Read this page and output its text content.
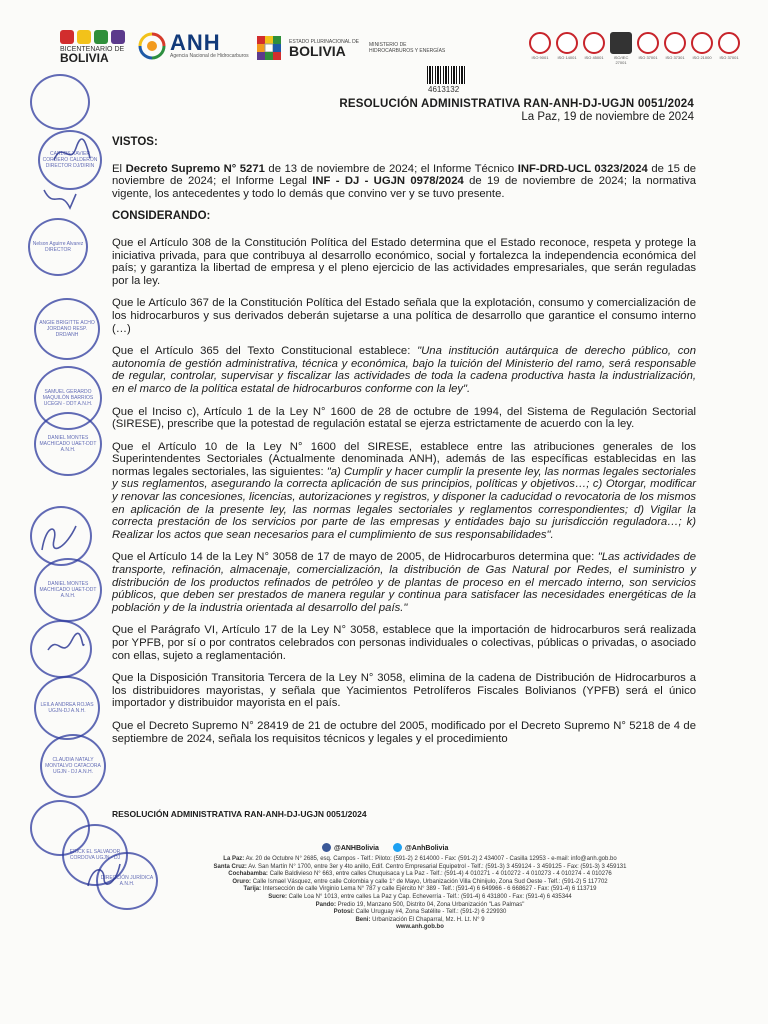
BICENTENARIO DE
BOLIVIA
ANH
Agencia Nacional de Hidrocarburos
ESTADO PLURINACIONAL DE
BOLIVIA	MINISTERIO DE HIDROCARBUROS Y ENERGÍAS
ISO 9001 ISO 14001 ISO 45001	ISO/IEC 27001
ISO 37001 ISO 37301 ISO 21000 ISO 37001
4613132
RESOLUCIÓN ADMINISTRATIVA RAN-ANH-DJ-UGJN 0051/2024
La Paz, 19 de noviembre de 2024
CARLOS XAVIER CORDERO CALDERÓN DIRECTOR DJ/DIRIN
Nelson Aguirre Alvarez DIRECTOR
ANGIE BRIGITTE ACHO JORDANO RESP. DRD/ANH
SAMUEL GERARDO MAQUILÓN BARRIOS UCEGN - DDT A.N.H.
DANIEL MONTES MACHICADO UAET-DDT A.N.H.
DANIEL MONTES MACHICADO UAET-DDT A.N.H.
LEILA ANDREA ROJAS UGJN-DJ A.N.H.
CLAUDIA NATALY MONTALVO CATACORA UGJN - DJ A.N.H.
ERICK EL SALVADOR CORDOVA UGJN - DJ
DIRECCIÓN JURÍDICA A.N.H.
VISTOS:

El Decreto Supremo N° 5271 de 13 de noviembre de 2024; el Informe Técnico INF-DRD-UCL 0323/2024 de 15 de noviembre de 2024; el Informe Legal INF - DJ - UGJN 0978/2024 de 19 de noviembre de 2024; la normativa vigente, los antecedentes y todo lo demás que convino ver y se tuvo presente.

CONSIDERANDO:

Que el Artículo 308 de la Constitución Política del Estado determina que el Estado reconoce, respeta y protege la iniciativa privada, para que contribuya al desarrollo económico, social y fortalezca la independencia económica del país; y garantiza la libertad de empresa y el pleno ejercicio de las actividades empresariales, que serán reguladas por la ley.

Que le Artículo 367 de la Constitución Política del Estado señala que la explotación, consumo y comercialización de los hidrocarburos y sus derivados deberán sujetarse a una política de desarrollo que garantice el consumo interno (…)

Que el Artículo 365 del Texto Constitucional establece: "Una institución autárquica de derecho público, con autonomía de gestión administrativa, técnica y económica, bajo la tuición del Ministerio del ramo, será responsable de regular, controlar, supervisar y fiscalizar las actividades de toda la cadena productiva hasta la industrialización, en el marco de la política estatal de hidrocarburos conforme con la ley".

Que el Inciso c), Artículo 1 de la Ley N° 1600 de 28 de octubre de 1994, del Sistema de Regulación Sectorial (SIRESE), prescribe que la potestad de regulación estatal se ejerza estrictamente de acuerdo con la ley.

Que el Artículo 10 de la Ley N° 1600 del SIRESE, establece entre las atribuciones generales de los Superintendentes Sectoriales (Actualmente denominada ANH), además de las específicas establecidas en las normas legales sectoriales, las siguientes: "a) Cumplir y hacer cumplir la presente ley, las normas legales sectoriales y sus reglamentos, asegurando la correcta aplicación de sus principios, políticas y objetivos…; c) Otorgar, modificar y renovar las concesiones, licencias, autorizaciones y registros, y disponer la caducidad o revocatoria de los mismos en aplicación de la presente ley, las normas legales sectoriales y reglamentos correspondientes; d) Vigilar la correcta prestación de los servicios por parte de las empresas y entidades bajo su jurisdicción reguladora…; k) Realizar los actos que sean necesarios para el cumplimiento de sus responsabilidades".

Que el Artículo 14 de la Ley N° 3058 de 17 de mayo de 2005, de Hidrocarburos determina que: "Las actividades de transporte, refinación, almacenaje, comercialización, la distribución de Gas Natural por Redes, el suministro y distribución de los productos refinados de petróleo y de plantas de proceso en el mercado interno, son servicios públicos, que deben ser prestados de manera regular y continua para satisfacer las necesidades energéticas de la población y de la industria orientada al desarrollo del país."

Que el Parágrafo VI, Artículo 17 de la Ley N° 3058, establece que la importación de hidrocarburos será realizada por YPFB, por sí o por contratos celebrados con personas individuales o colectivas, públicas o privadas, o asociado con ellas, sujeto a reglamentación.

Que la Disposición Transitoria Tercera de la Ley N° 3058, elimina de la cadena de Distribución de Hidrocarburos a los distribuidores mayoristas, y señala que Yacimientos Petrolíferos Fiscales Bolivianos (YPFB) será el único importador y distribuidor mayorista en el país.

Que el Decreto Supremo N° 28419 de 21 de octubre del 2005, modificado por el Decreto Supremo N° 5218 de 4 de septiembre de 2024, señala los requisitos técnicos y legales y el procedimiento

RESOLUCIÓN ADMINISTRATIVA RAN-ANH-DJ-UGJN 0051/2024
@ANHBolivia	@AnhBolivia
La Paz: Av. 20 de Octubre N° 2685, esq. Campos - Telf.: Piloto: (591-2) 2 614000 - Fax: (591-2) 2 434007 - Casilla 12953 - e-mail: info@anh.gob.bo
Santa Cruz: Av. San Martín N° 1700, entre 3er y 4to anillo, Edif. Centro Empresarial Equipetrol - Telf.: (591-3) 3 459124 - 3 459125 - Fax: (591-3) 3 459131
Cochabamba: Calle Baldivieso N° 663, entre calles Chuquisaca y La Paz - Telf.: (591-4) 4 010271 - 4 010272 - 4 010273 - 4 010274 - 4 010276
Oruro: Calle Ismael Vásquez, entre calle Colombia y calle 1° de Mayo, Urbanización Villa Chinijulo, Zona Sud Oeste - Telf.: (591-2) 5 117702
Tarija: Intersección de calle Virginio Lema N° 787 y calle Ejército N° 389 - Telf.: (591-4) 6 649966 - 6 668627 - Fax: (591-4) 6 113719
Sucre: Calle Loa N° 1013, entre calles La Paz y Cap. Echeverría - Telf.: (591-4) 6 431800 - Fax: (591-4) 6 435344
Pando: Predio 19, Manzano 500, Distrito 04, Zona Urbanización "Las Palmas"
Potosí: Calle Uruguay #4, Zona Satélite - Telf.: (591-2) 6 229930
Beni: Urbanización El Chaparral, Mz. H. Lt. N° 9
www.anh.gob.bo
